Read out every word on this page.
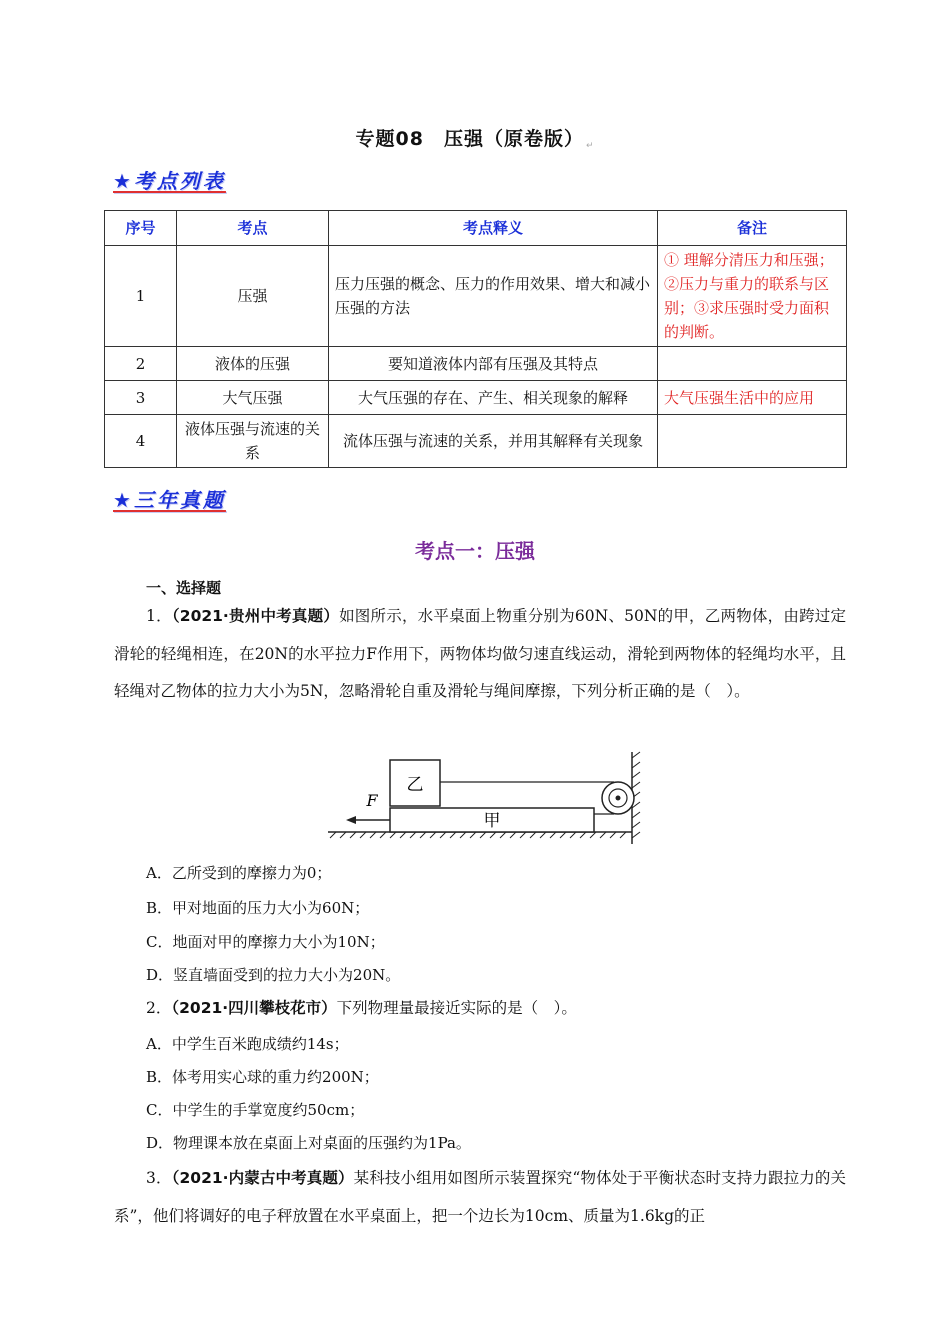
专题08　压强（原卷版） ↵
★考点列表
序号	考点	考点释义	备注
1	压强	压力压强的概念、压力的作用效果、增大和减小压强的方法	① 理解分清压力和压强；②压力与重力的联系与区别；③求压强时受力面积的判断。
2	液体的压强	要知道液体内部有压强及其特点	
3	大气压强	大气压强的存在、产生、相关现象的解释	大气压强生活中的应用
4	液体压强与流速的关系	流体压强与流速的关系，并用其解释有关现象	
★三年真题
考点一：压强
一、选择题
1．（2021·贵州中考真题）如图所示，水平桌面上物重分别为60N、50N的甲，乙两物体，由跨过定滑轮的轻绳相连，在20N的水平拉力F作用下，两物体均做匀速直线运动，滑轮到两物体的轻绳均水平，且轻绳对乙物体的拉力大小为5N，忽略滑轮自重及滑轮与绳间摩擦，下列分析正确的是（　）。
甲
乙
F
A．乙所受到的摩擦力为0；
B．甲对地面的压力大小为60N；
C．地面对甲的摩擦力大小为10N；
D．竖直墙面受到的拉力大小为20N。
2．（2021·四川攀枝花市）下列物理量最接近实际的是（　）。
A．中学生百米跑成绩约14s；
B．体考用实心球的重力约200N；
C．中学生的手掌宽度约50cm；
D．物理课本放在桌面上对桌面的压强约为1Pa。
3．（2021·内蒙古中考真题）某科技小组用如图所示装置探究“物体处于平衡状态时支持力跟拉力的关系”，他们将调好的电子秤放置在水平桌面上，把一个边长为10cm、质量为1.6kg的正
